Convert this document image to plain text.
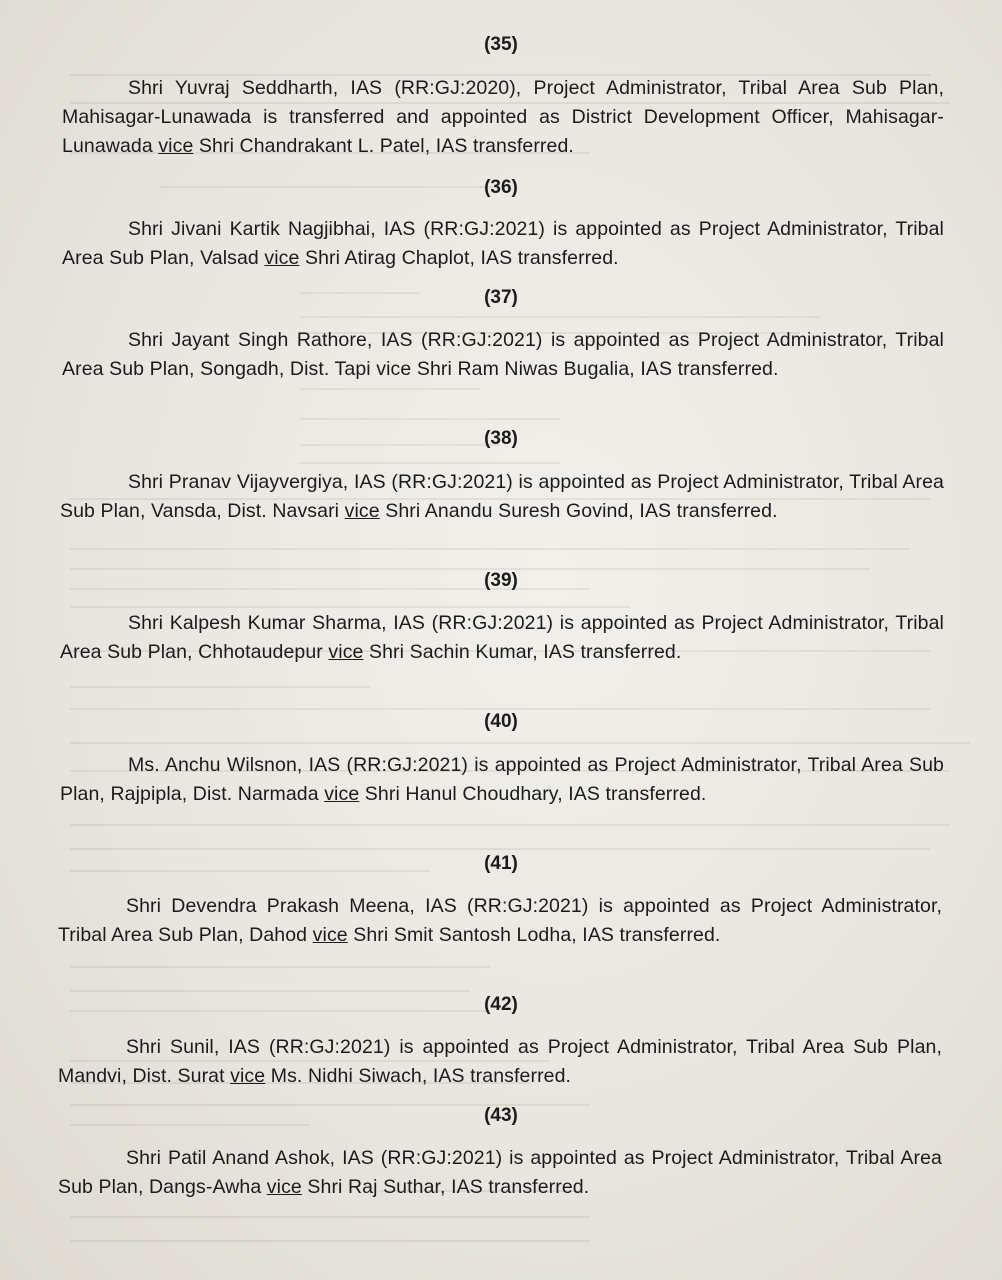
(35)
Shri Yuvraj Seddharth, IAS (RR:GJ:2020), Project Administrator, Tribal Area Sub Plan, Mahisagar-Lunawada is transferred and appointed as District Development Officer, Mahisagar-Lunawada vice Shri Chandrakant L. Patel, IAS transferred.
(36)
Shri Jivani Kartik Nagjibhai, IAS (RR:GJ:2021) is appointed as Project Administrator, Tribal Area Sub Plan, Valsad vice Shri Atirag Chaplot, IAS transferred.
(37)
Shri Jayant Singh Rathore, IAS (RR:GJ:2021) is appointed as Project Administrator, Tribal Area Sub Plan, Songadh, Dist. Tapi vice Shri Ram Niwas Bugalia, IAS transferred.
(38)
Shri Pranav Vijayvergiya, IAS (RR:GJ:2021) is appointed as Project Administrator, Tribal Area Sub Plan, Vansda, Dist. Navsari vice Shri Anandu Suresh Govind, IAS transferred.
(39)
Shri Kalpesh Kumar Sharma, IAS (RR:GJ:2021) is appointed as Project Administrator, Tribal Area Sub Plan, Chhotaudepur vice Shri Sachin Kumar, IAS transferred.
(40)
Ms. Anchu Wilsnon, IAS (RR:GJ:2021) is appointed as Project Administrator, Tribal Area Sub Plan, Rajpipla, Dist. Narmada vice Shri Hanul Choudhary, IAS transferred.
(41)
Shri Devendra Prakash Meena, IAS (RR:GJ:2021) is appointed as Project Administrator, Tribal Area Sub Plan, Dahod vice Shri Smit Santosh Lodha, IAS transferred.
(42)
Shri Sunil, IAS (RR:GJ:2021) is appointed as Project Administrator, Tribal Area Sub Plan, Mandvi, Dist. Surat vice Ms. Nidhi Siwach, IAS transferred.
(43)
Shri Patil Anand Ashok, IAS (RR:GJ:2021) is appointed as Project Administrator, Tribal Area Sub Plan, Dangs-Awha vice Shri Raj Suthar, IAS transferred.
